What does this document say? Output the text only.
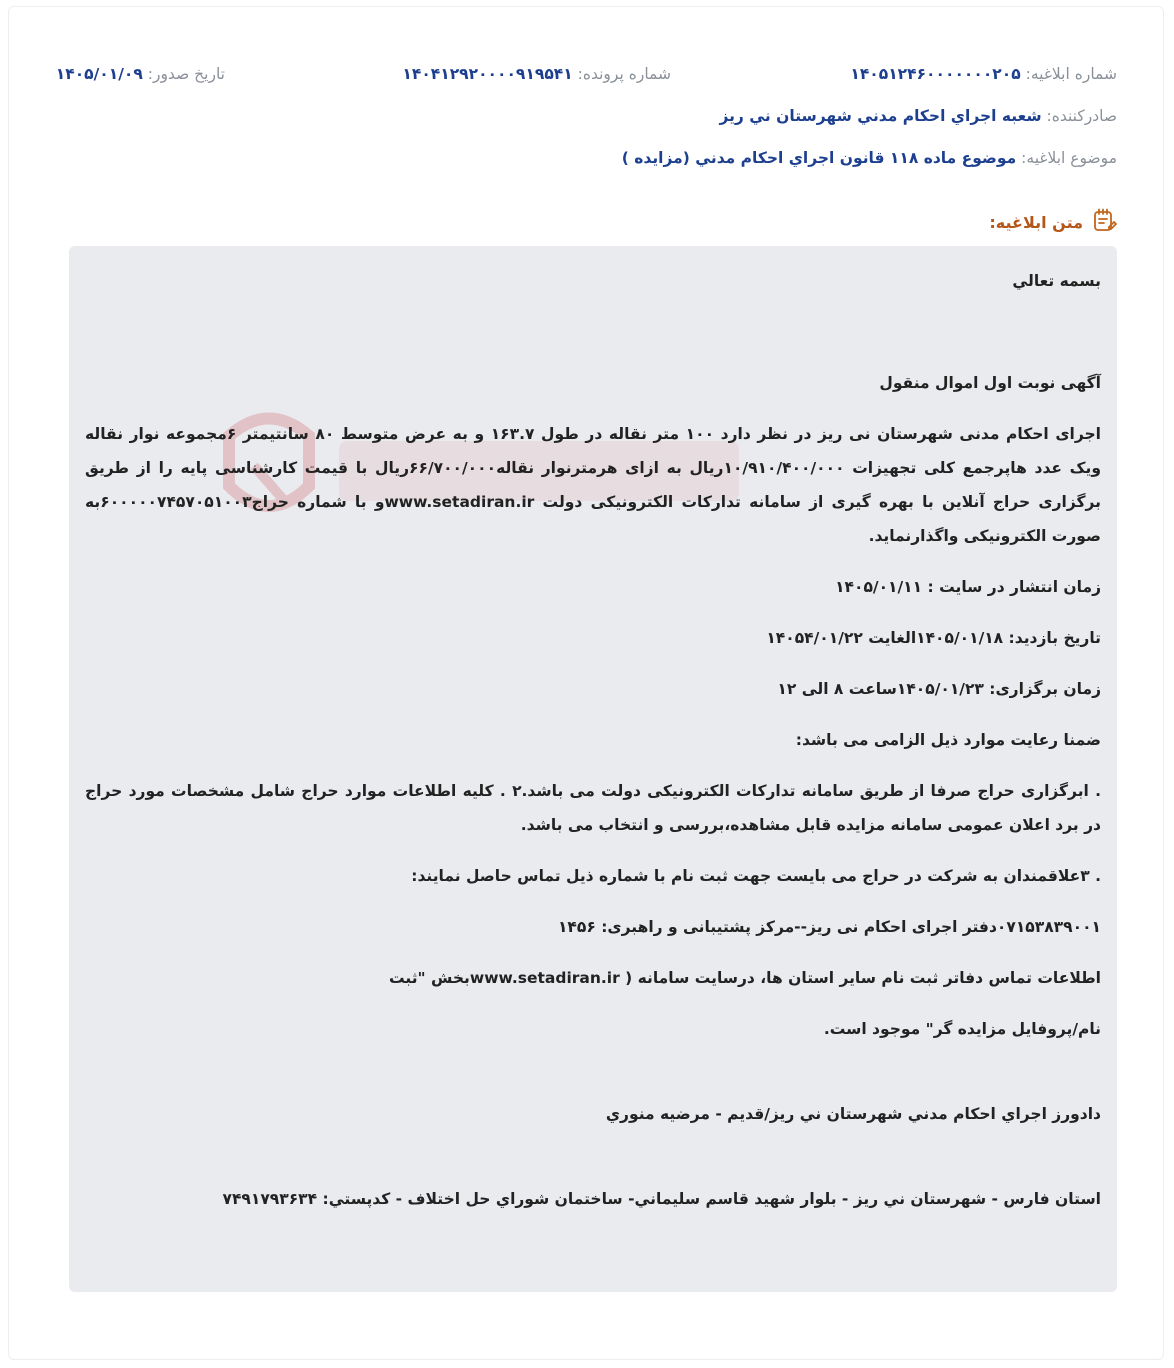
شماره ابلاغیه: ۱۴۰۵۱۲۴۶۰۰۰۰۰۰۰۲۰۵
شماره پرونده: ۱۴۰۴۱۲۹۲۰۰۰۰۹۱۹۵۴۱
تاریخ صدور: ۱۴۰۵/۰۱/۰۹
صادرکننده: شعبه اجراي احكام مدني شهرستان ني ريز
موضوع ابلاغیه: موضوع ماده ۱۱۸ قانون اجراي احكام مدني (مزايده )
متن ابلاغیه:

بسمه تعالي

آگهی نوبت اول اموال منقول

اجرای احکام مدنی شهرستان نی ریز در نظر دارد ۱۰۰ متر نقاله در طول ۱۶۳.۷ و به عرض متوسط ۸۰ سانتیمتر ۶مجموعه نوار نقاله ویک عدد هاپرجمع کلی تجهیزات ۱۰/۹۱۰/۴۰۰/۰۰۰ریال به ازای هرمترنوار نقاله۶۶/۷۰۰/۰۰۰ریال با قیمت کارشناسی پایه را از طریق برگزاری حراج آنلاین با بهره گیری از سامانه تدارکات الکترونیکی دولت www.setadiran.irو با شماره حراج۶۰۰۰۰۰۷۴۵۷۰۵۱۰۰۳به صورت الکترونیکی واگذارنماید.

زمان انتشار در سایت : ۱۴۰۵/۰۱/۱۱

تاریخ بازدید: ۱۴۰۵/۰۱/۱۸الغایت ۱۴۰۵۴/۰۱/۲۲

زمان برگزاری: ۱۴۰۵/۰۱/۲۳ساعت ۸ الی ۱۲

ضمنا رعایت موارد ذیل الزامی می باشد:

. ابرگزاری حراج صرفا از طریق سامانه تدارکات الکترونیکی دولت می باشد.۲ . کلیه اطلاعات موارد حراج شامل مشخصات مورد حراج در برد اعلان عمومی سامانه مزایده قابل مشاهده،بررسی و انتخاب می باشد.

. ۳علاقمندان به شرکت در حراج می بایست جهت ثبت نام با شماره ذیل تماس حاصل نمایند:

۰۷۱۵۳۸۳۹۰۰۱دفتر اجرای احکام نی ریز--مرکز پشتیبانی و راهبری: ۱۴۵۶

اطلاعات تماس دفاتر ثبت نام سایر استان ها، درسایت سامانه ( www.setadiran.irبخش "ثبت

نام/پروفایل مزایده گر" موجود است.

دادورز اجراي احكام مدني شهرستان ني ريز/قديم - مرضيه منوري

استان فارس - شهرستان ني ريز - بلوار شهيد قاسم سليماني- ساختمان شوراي حل اختلاف - كدپستي: ۷۴۹۱۷۹۳۶۳۴
